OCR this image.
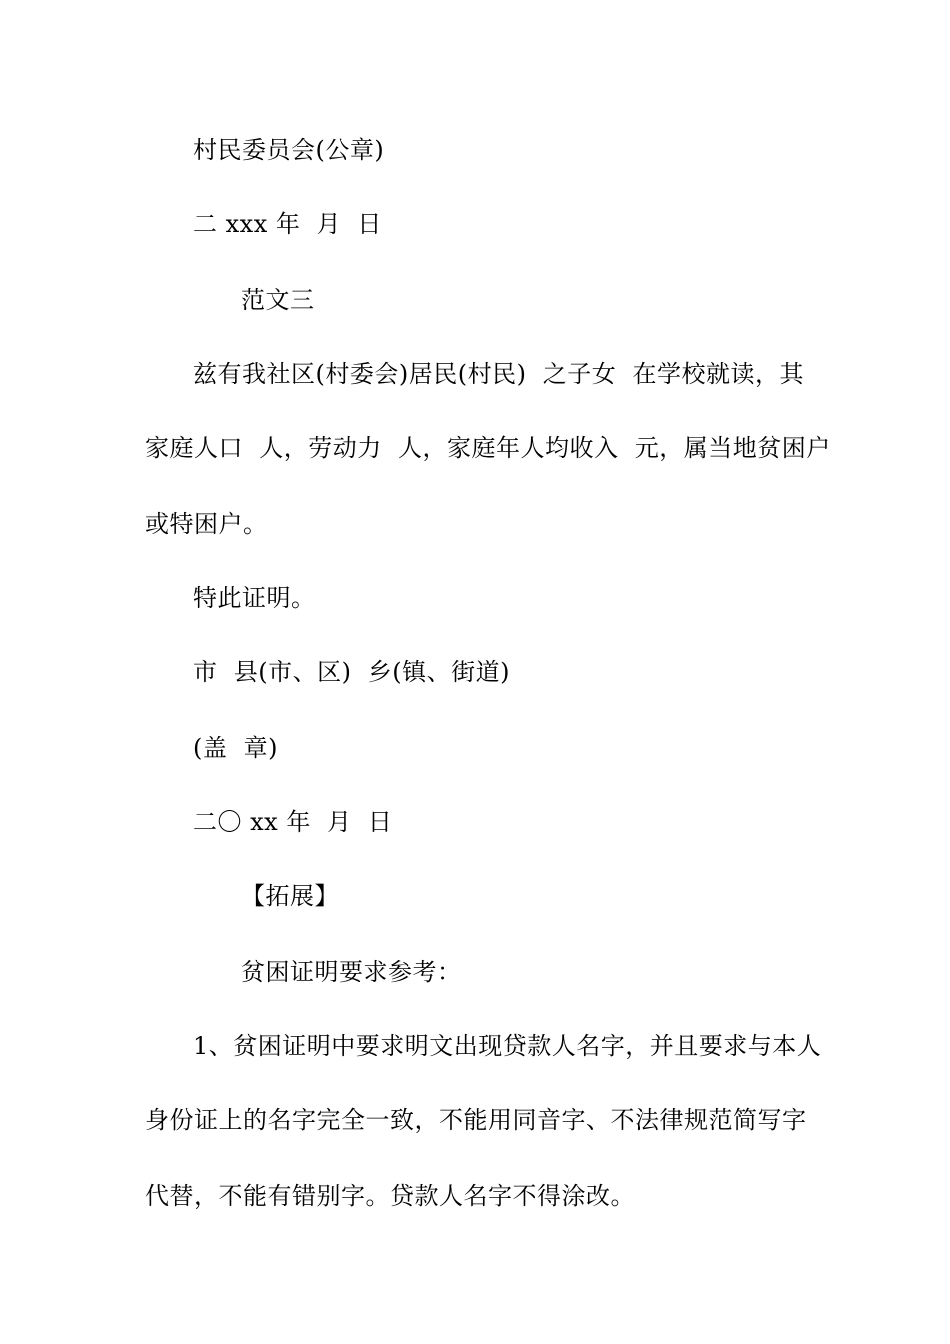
村民委员会(公章)
二 xxx 年  月  日
范文三
兹有我社区(村委会)居民(村民)  之子女  在学校就读，其
家庭人口  人，劳动力  人，家庭年人均收入  元，属当地贫困户
或特困户。
特此证明。
市  县(市、区)  乡(镇、街道)
(盖  章)
二〇 xx 年  月  日
【拓展】
贫困证明要求参考：
1、贫困证明中要求明文出现贷款人名字，并且要求与本人
身份证上的名字完全一致，不能用同音字、不法律规范简写字
代替，不能有错别字。贷款人名字不得涂改。
